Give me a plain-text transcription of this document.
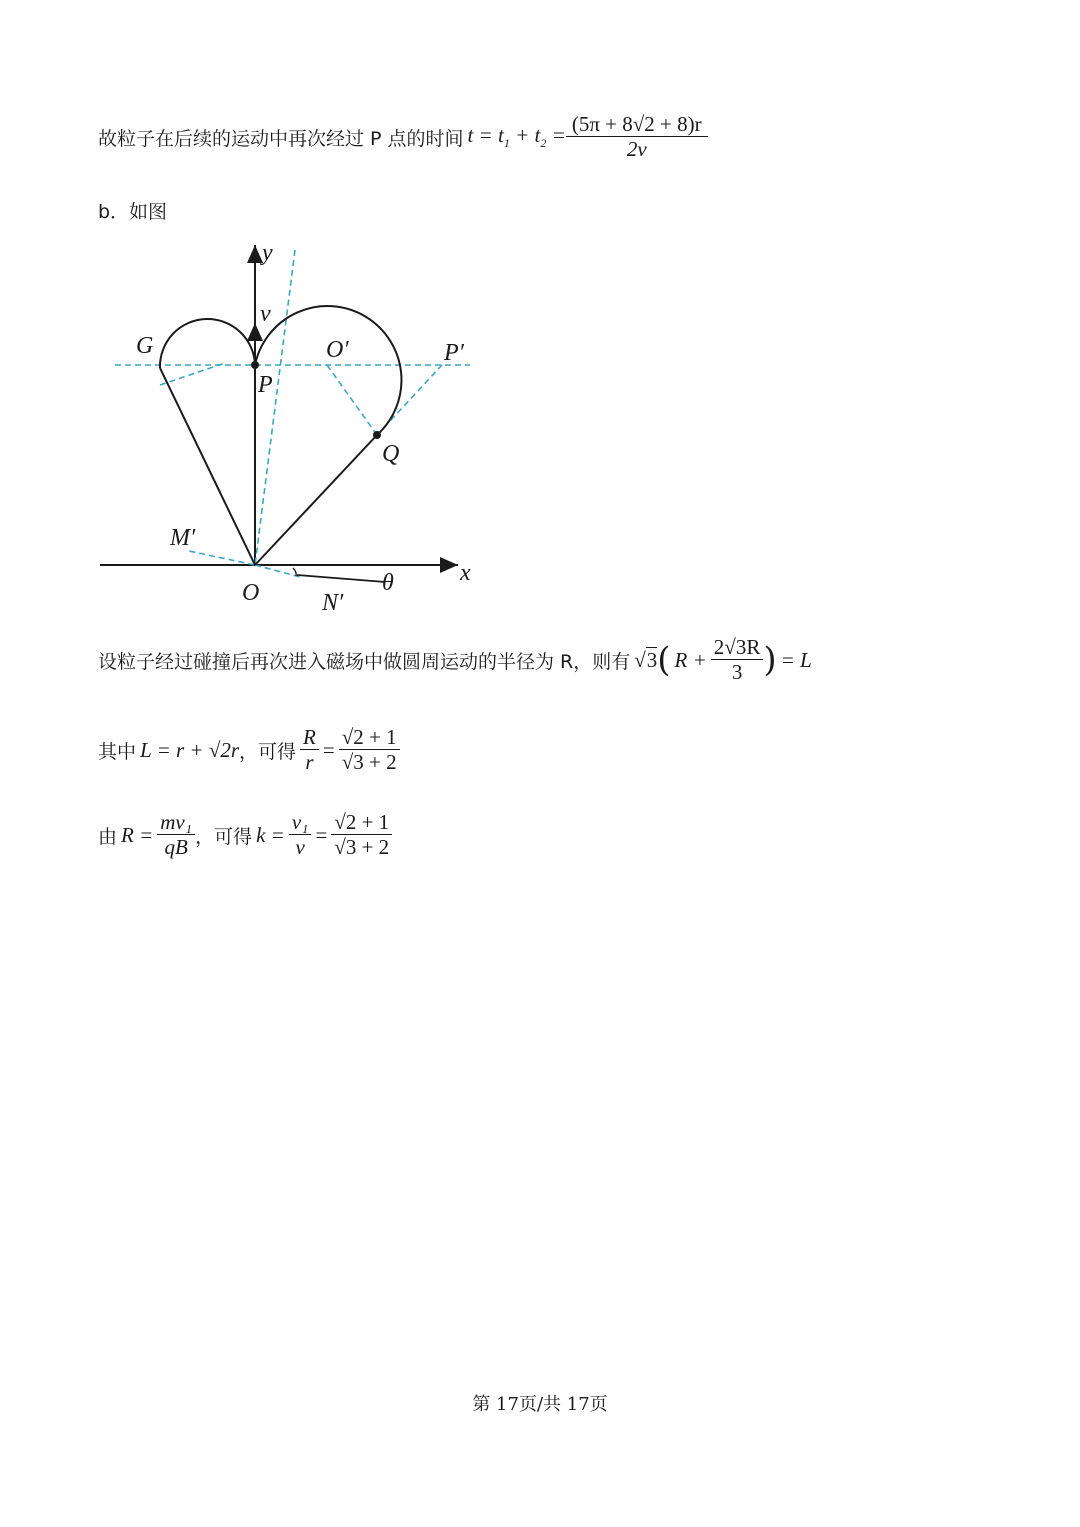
故粒子在后续的运动中再次经过 P 点的时间 $t = t_1 + t_2 = \frac{(5\pi + 8√2 + 8)r}{2v}$
b．如图
y
x
v
G
P
O′	P′
Q
M′
O	N′
θ
设粒子经过碰撞后再次进入磁场中做圆周运动的半径为 R，则有 √3 ( $R + \frac{2√3R}{3}$ ) = L
其中 L = r + √2r ，可得 $\frac{R}{r} = \frac{√2 + 1}{√3 + 2}$
由 $R = \frac{\text{mv₁}}{qB}$ ，可得 $k = \frac{\text{v₁}}{v} = \frac{√2 + 1}{√3 + 2}$
第 17页/共 17页
